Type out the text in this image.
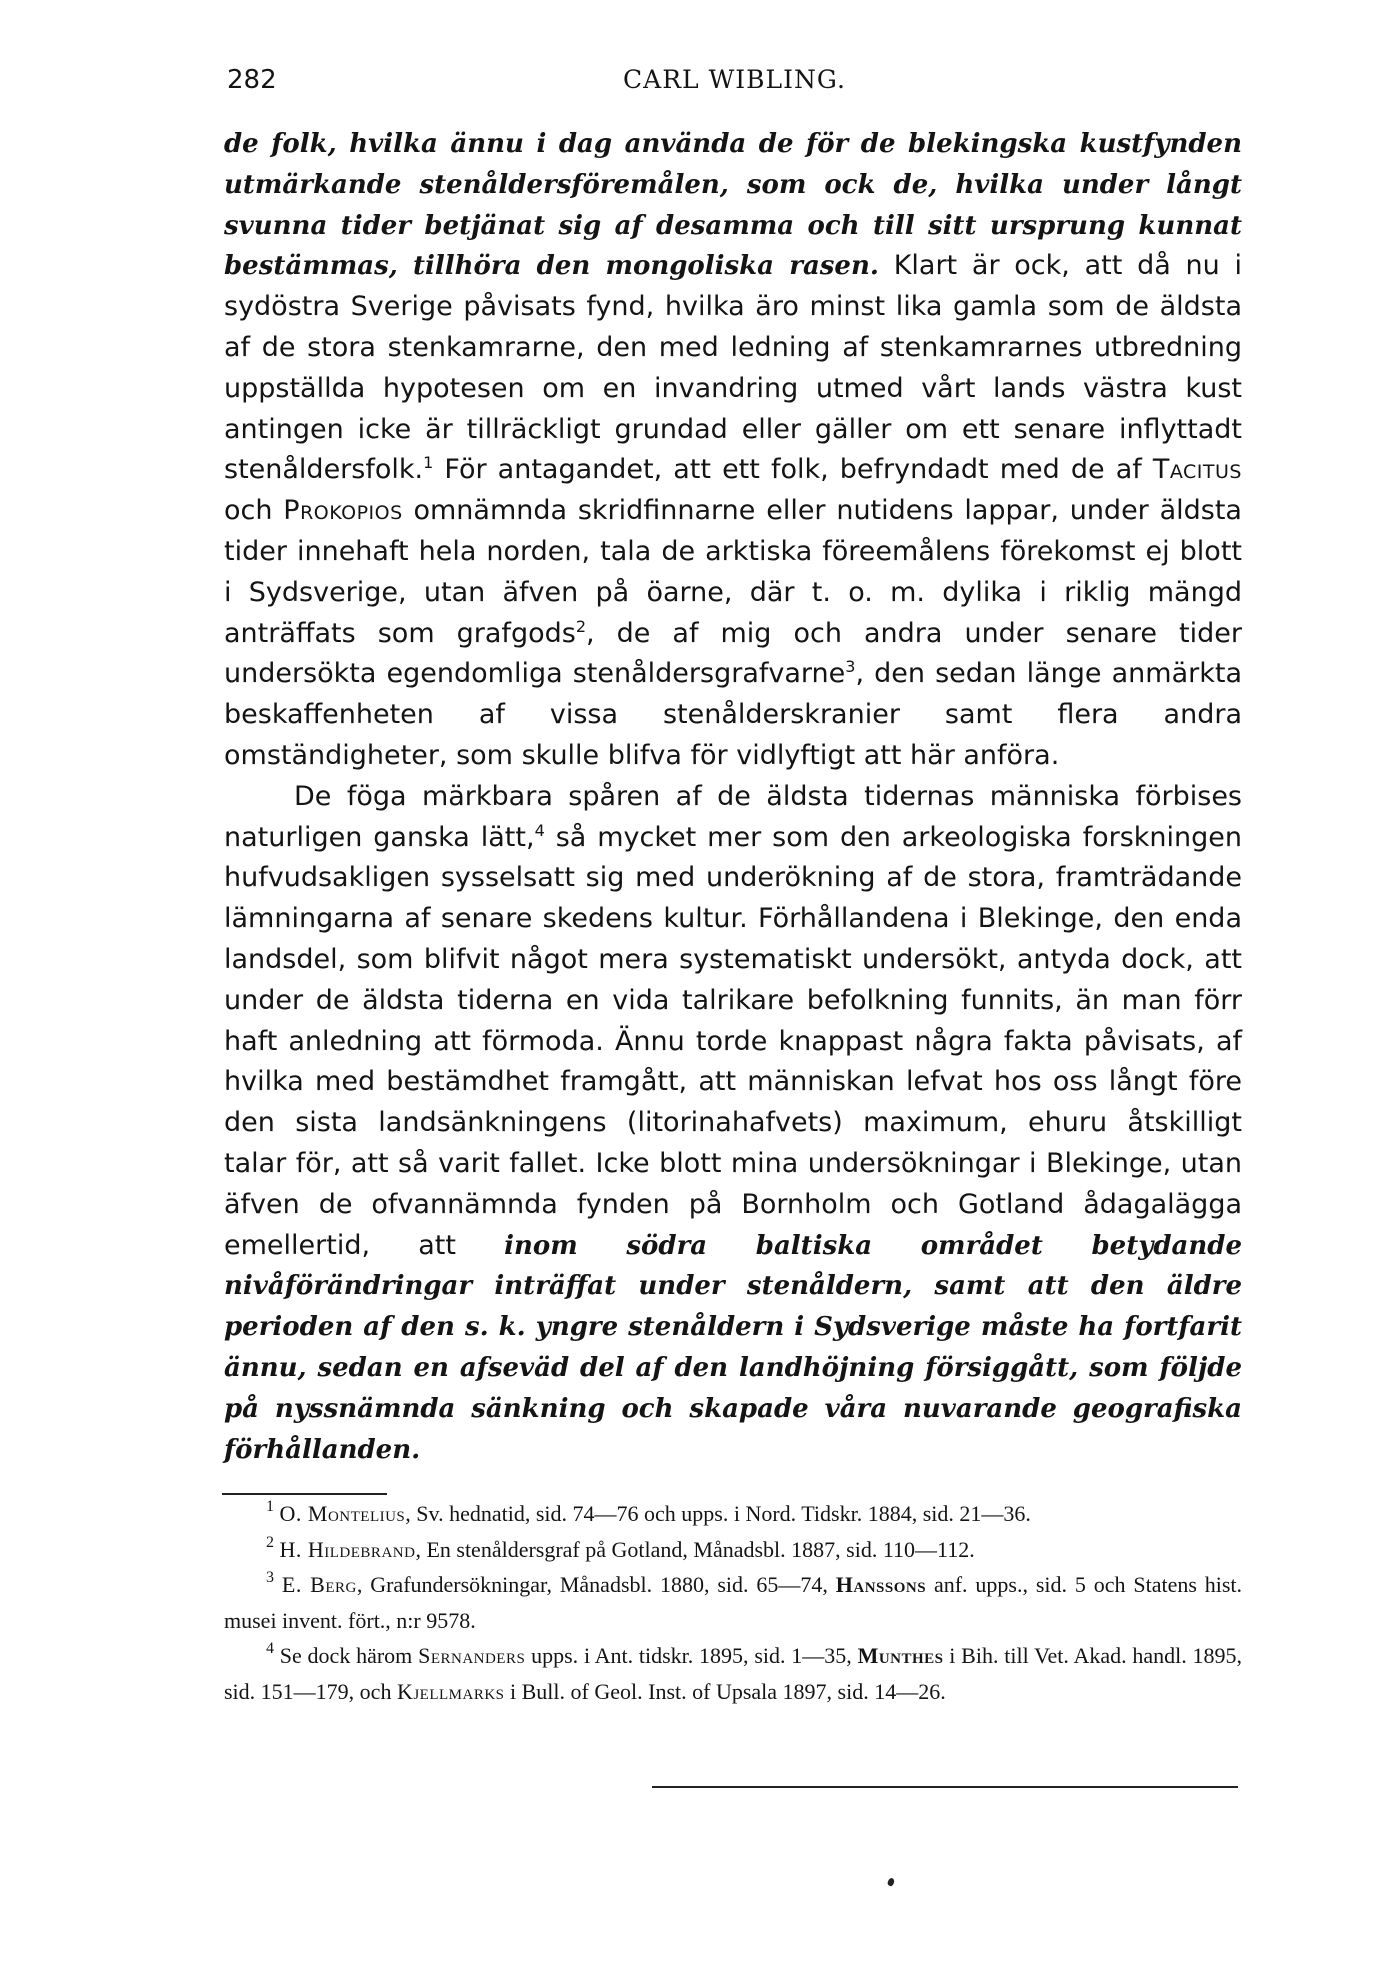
282	CARL WIBLING.

de folk, hvilka ännu i dag använda de för de blekingska kustfynden utmärkande stenåldersföremålen, som ock de, hvilka under långt svunna tider betjänat sig af desamma och till sitt ursprung kunnat bestämmas, tillhöra den mongoliska rasen. Klart är ock, att då nu i sydöstra Sverige påvisats fynd, hvilka äro minst lika gamla som de äldsta af de stora stenkamrarne, den med ledning af stenkamrarnes utbredning uppställda hypotesen om en invandring utmed vårt lands västra kust antingen icke är tillräckligt grundad eller gäller om ett senare inflyttadt stenåldersfolk.$^1$ För antagandet, att ett folk, befryndadt med de af Tacitus och Prokopios omnämnda skridfinnarne eller nutidens lappar, under äldsta tider innehaft hela norden, tala de arktiska föreemålens förekomst ej blott i Sydsverige, utan äfven på öarne, där t. o. m. dylika i riklig mängd anträffats som grafgods$^2$, de af mig och andra under senare tider undersökta egendomliga stenåldersgrafvarne$^3$, den sedan länge anmärkta beskaffenheten af vissa stenålderskranier samt flera andra omständigheter, som skulle blifva för vidlyftigt att här anföra.

De föga märkbara spåren af de äldsta tidernas människa förbises naturligen ganska lätt,$^4$ så mycket mer som den arkeologiska forskningen hufvudsakligen sysselsatt sig med underökning af de stora, framträdande lämningarna af senare skedens kultur. Förhållandena i Blekinge, den enda landsdel, som blifvit något mera systematiskt undersökt, antyda dock, att under de äldsta tiderna en vida talrikare befolkning funnits, än man förr haft anledning att förmoda. Ännu torde knappast några fakta påvisats, af hvilka med bestämdhet framgått, att människan lefvat hos oss långt före den sista landsänkningens (litorinahafvets) maximum, ehuru åtskilligt talar för, att så varit fallet. Icke blott mina undersökningar i Blekinge, utan äfven de ofvannämnda fynden på Bornholm och Gotland ådagalägga emellertid, att inom södra baltiska området betydande nivåförändringar inträffat under stenåldern, samt att den äldre perioden af den s. k. yngre stenåldern i Sydsverige måste ha fortfarit ännu, sedan en afseväd del af den landhöjning försiggått, som följde på nyssnämnda sänkning och skapade våra nuvarande geografiska förhållanden.

$^1$ O. Montelius, Sv. hednatid, sid. 74—76 och upps. i Nord. Tidskr. 1884, sid. 21—36.

$^2$ H. Hildebrand, En stenåldersgraf på Gotland, Månadsbl. 1887, sid. 110—112.

$^3$ E. Berg, Grafundersökningar, Månadsbl. 1880, sid. 65—74, Hanssons anf. upps., sid. 5 och Statens hist. musei invent. fört., n:r 9578.

$^4$ Se dock härom Sernanders upps. i Ant. tidskr. 1895, sid. 1—35, Munthes i Bih. till Vet. Akad. handl. 1895, sid. 151—179, och Kjellmarks i Bull. of Geol. Inst. of Upsala 1897, sid. 14—26.
